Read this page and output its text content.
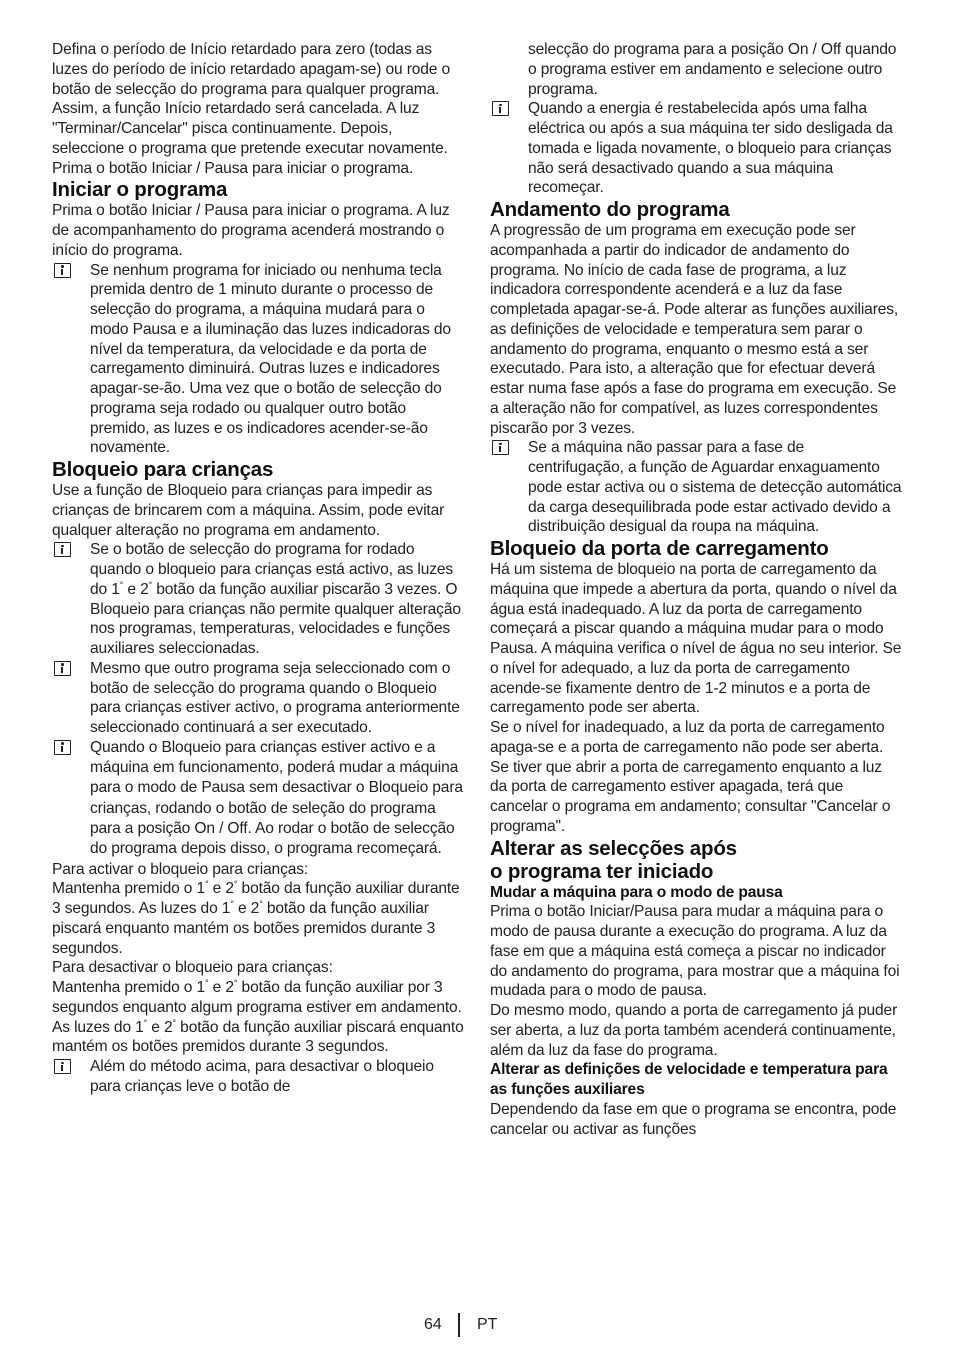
Defina o período de Início retardado para zero (todas as luzes do período de início retardado apagam-se) ou rode o botão de selecção do programa para qualquer programa. Assim, a função Início retardado será cancelada. A luz "Terminar/Cancelar" pisca continuamente. Depois, seleccione o programa que pretende executar novamente. Prima o botão Iniciar / Pausa para iniciar o programa.

Iniciar o programa

Prima o botão Iniciar / Pausa para iniciar o programa. A luz de acompanhamento do programa acenderá mostrando o início do programa.

Se nenhum programa for iniciado ou nenhuma tecla premida dentro de 1 minuto durante o processo de selecção do programa, a máquina mudará para o modo Pausa e a iluminação das luzes indicadoras do nível da temperatura, da velocidade e da porta de carregamento diminuirá. Outras luzes e indicadores apagar-se-ão. Uma vez que o botão de selecção do programa seja rodado ou qualquer outro botão premido, as luzes e os indicadores acender-se-ão novamente.

Bloqueio para crianças

Use a função de Bloqueio para crianças para impedir as crianças de brincarem com a máquina. Assim, pode evitar qualquer alteração no programa em andamento.

Se o botão de selecção do programa for rodado quando o bloqueio para crianças está activo, as luzes do 1° e 2° botão da função auxiliar piscarão 3 vezes. O Bloqueio para crianças não permite qualquer alteração nos programas, temperaturas, velocidades e funções auxiliares seleccionadas.

Mesmo que outro programa seja seleccionado com o botão de selecção do programa quando o Bloqueio para crianças estiver activo, o programa anteriormente seleccionado continuará a ser executado.

Quando o Bloqueio para crianças estiver activo e a máquina em funcionamento, poderá mudar a máquina para o modo de Pausa sem desactivar o Bloqueio para crianças, rodando o botão de seleção do programa para a posição On / Off. Ao rodar o botão de selecção do programa depois disso, o programa recomeçará.

Para activar o bloqueio para crianças:

Mantenha premido o 1° e 2° botão da função auxiliar durante 3 segundos. As luzes do 1° e 2° botão da função auxiliar piscará enquanto mantém os botões premidos durante 3 segundos.

Para desactivar o bloqueio para crianças:

Mantenha premido o 1° e 2° botão da função auxiliar por 3 segundos enquanto algum programa estiver em andamento. As luzes do 1° e 2° botão da função auxiliar piscará enquanto mantém os botões premidos durante 3 segundos.

Além do método acima, para desactivar o bloqueio para crianças leve o botão de

selecção do programa para a posição On / Off quando o programa estiver em andamento e selecione outro programa.

Quando a energia é restabelecida após uma falha eléctrica ou após a sua máquina ter sido desligada da tomada e ligada novamente, o bloqueio para crianças não será desactivado quando a sua máquina recomeçar.

Andamento do programa

A progressão de um programa em execução pode ser acompanhada a partir do indicador de andamento do programa. No início de cada fase de programa, a luz indicadora correspondente acenderá e a luz da fase completada apagar-se-á. Pode alterar as funções auxiliares, as definições de velocidade e temperatura sem parar o andamento do programa, enquanto o mesmo está a ser executado. Para isto, a alteração que for efectuar deverá estar numa fase após a fase do programa em execução. Se a alteração não for compatível, as luzes correspondentes piscarão por 3 vezes.

Se a máquina não passar para a fase de centrifugação, a função de Aguardar enxaguamento pode estar activa ou o sistema de detecção automática da carga desequilibrada pode estar activado devido a distribuição desigual da roupa na máquina.

Bloqueio da porta de carregamento

Há um sistema de bloqueio na porta de carregamento da máquina que impede a abertura da porta, quando o nível da água está inadequado. A luz da porta de carregamento começará a piscar quando a máquina mudar para o modo Pausa. A máquina verifica o nível de água no seu interior. Se o nível for adequado, a luz da porta de carregamento acende-se fixamente dentro de 1-2 minutos e a porta de carregamento pode ser aberta.

Se o nível for inadequado, a luz da porta de carregamento apaga-se e a porta de carregamento não pode ser aberta. Se tiver que abrir a porta de carregamento enquanto a luz da porta de carregamento estiver apagada, terá que cancelar o programa em andamento; consultar "Cancelar o programa".

Alterar as selecções após
o programa ter iniciado
Mudar a máquina para o modo de pausa

Prima o botão Iniciar/Pausa para mudar a máquina para o modo de pausa durante a execução do programa. A luz da fase em que a máquina está começa a piscar no indicador do andamento do programa, para mostrar que a máquina foi mudada para o modo de pausa.

Do mesmo modo, quando a porta de carregamento já puder ser aberta, a luz da porta também acenderá continuamente, além da luz da fase do programa.

Alterar as definições de velocidade e temperatura para as funções auxiliares

Dependendo da fase em que o programa se encontra, pode cancelar ou activar as funções

64 PT
